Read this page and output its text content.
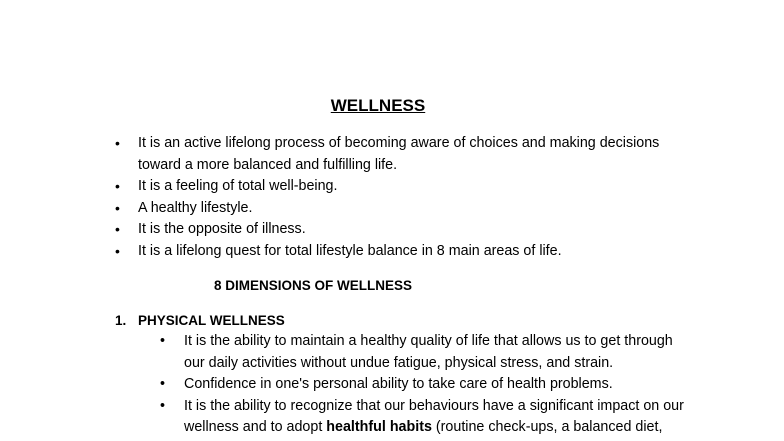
WELLNESS
• It is an active lifelong process of becoming aware of choices and making decisions toward a more balanced and fulfilling life.
• It is a feeling of total well-being.
• A healthy lifestyle.
• It is the opposite of illness.
• It is a lifelong quest for total lifestyle balance in 8 main areas of life.
8 DIMENSIONS OF WELLNESS
1. PHYSICAL WELLNESS
• It is the ability to maintain a healthy quality of life that allows us to get through our daily activities without undue fatigue, physical stress, and strain.
• Confidence in one's personal ability to take care of health problems.
• It is the ability to recognize that our behaviours have a significant impact on our wellness and to adopt healthful habits (routine check-ups, a balanced diet,
